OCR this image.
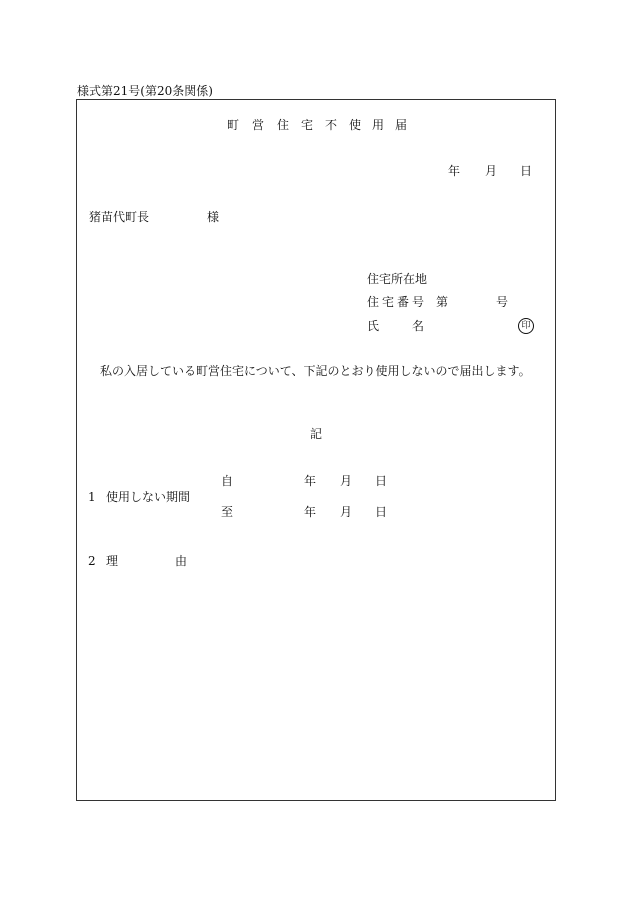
様式第21号(第20条関係)
町 営 住 宅 不 使 用 届
年 月 日
猪苗代町長	様
住宅所在地
住 宅 番 号 第	号
氏	名	印
私の入居している町営住宅について、下記のとおり使用しないので届出します。
記
1 使用しない期間
自	年 月 日
至	年 月 日
2 理	由
